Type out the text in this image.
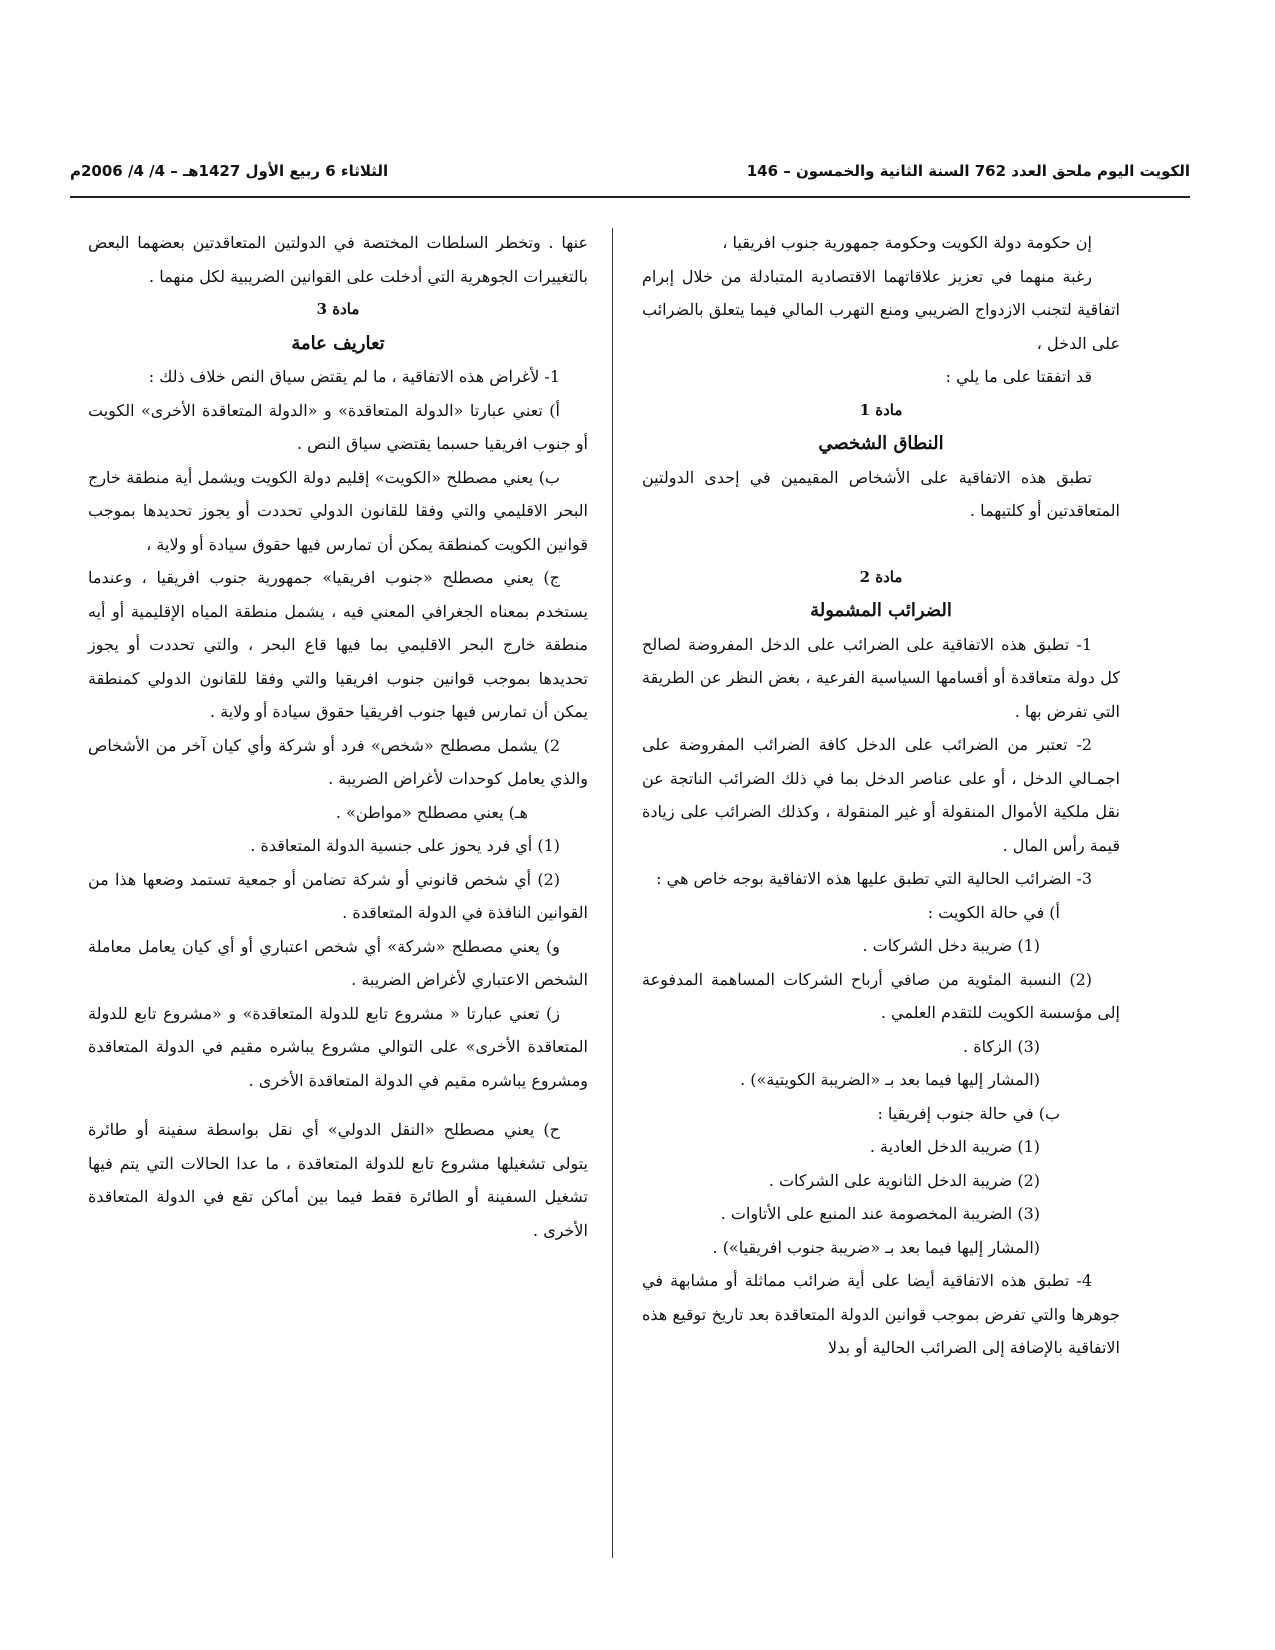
الكويت اليوم ملحق العدد 762 السنة الثانية والخمسون – 146
الثلاثاء 6 ربيع الأول 1427هـ – 4/ 4/ 2006م

إن حكومة دولة الكويت وحكومة جمهورية جنوب افريقيا ،

رغبة منهما في تعزيز علاقاتهما الاقتصادية المتبادلة من خلال إبرام اتفاقية لتجنب الازدواج الضريبي ومنع التهرب المالي فيما يتعلق بالضرائب على الدخل ،

قد اتفقتا على ما يلي :

مادة 1

النطاق الشخصي

تطبق هذه الاتفاقية على الأشخاص المقيمين في إحدى الدولتين المتعاقدتين أو كلتيهما .

مادة 2

الضرائب المشمولة

1- تطبق هذه الاتفاقية على الضرائب على الدخل المفروضة لصالح كل دولة متعاقدة أو أقسامها السياسية الفرعية ، بغض النظر عن الطريقة التي تفرض بها .

2- تعتبر من الضرائب على الدخل كافة الضرائب المفروضة على اجمـالي الدخل ، أو على عناصر الدخل بما في ذلك الضرائب الناتجة عن نقل ملكية الأموال المنقولة أو غير المنقولة ، وكذلك الضرائب على زيادة قيمة رأس المال .

3- الضرائب الحالية التي تطبق عليها هذه الاتفاقية بوجه خاص هي :

أ) في حالة الكويت :

(1) ضريبة دخل الشركات .

(2) النسبة المئوية من صافي أرباح الشركات المساهمة المدفوعة إلى مؤسسة الكويت للتقدم العلمي .

(3) الزكاة .

(المشار إليها فيما بعد بـ «الضريبة الكويتية») .

ب) في حالة جنوب إفريقيا :

(1) ضريبة الدخل العادية .

(2) ضريبة الدخل الثانوية على الشركات .

(3) الضريبة المخصومة عند المنبع على الأتاوات .

(المشار إليها فيما بعد بـ «ضريبة جنوب افريقيا») .

4- تطبق هذه الاتفاقية أيضا على أية ضرائب مماثلة أو مشابهة في جوهرها والتي تفرض بموجب قوانين الدولة المتعاقدة بعد تاريخ توقيع هذه الاتفاقية بالإضافة إلى الضرائب الحالية أو بدلا

عنها . وتخطر السلطات المختصة في الدولتين المتعاقدتين بعضهما البعض بالتغييرات الجوهرية التي أدخلت على القوانين الضريبية لكل منهما .

مادة 3

تعاريف عامة

1- لأغراض هذه الاتفاقية ، ما لم يقتض سياق النص خلاف ذلك :

أ) تعني عبارتا «الدولة المتعاقدة» و «الدولة المتعاقدة الأخرى» الكويت أو جنوب افريقيا حسبما يقتضي سياق النص .

ب) يعني مصطلح «الكويت» إقليم دولة الكويت ويشمل أية منطقة خارج البحر الاقليمي والتي وفقا للقانون الدولي تحددت أو يجوز تحديدها بموجب قوانين الكويت كمنطقة يمكن أن تمارس فيها حقوق سيادة أو ولاية ،

ج) يعني مصطلح «جنوب افريقيا» جمهورية جنوب افريقيا ، وعندما يستخدم بمعناه الجغرافي المعني فيه ، يشمل منطقة المياه الإقليمية أو أيه منطقة خارج البحر الاقليمي بما فيها قاع البحر ، والتي تحددت أو يجوز تحديدها بموجب قوانين جنوب افريقيا والتي وفقا للقانون الدولي كمنطقة يمكن أن تمارس فيها جنوب افريقيا حقوق سيادة أو ولاية .

2) يشمل مصطلح «شخص» فرد أو شركة وأي كيان آخر من الأشخاص والذي يعامل كوحدات لأغراض الضريبة .

هـ) يعني مصطلح «مواطن» .

(1) أي فرد يحوز على جنسية الدولة المتعاقدة .

(2) أي شخص قانوني أو شركة تضامن أو جمعية تستمد وضعها هذا من القوانين النافذة في الدولة المتعاقدة .

و) يعني مصطلح «شركة» أي شخص اعتباري أو أي كيان يعامل معاملة الشخص الاعتباري لأغراض الضريبة .

ز) تعني عبارتا « مشروع تابع للدولة المتعاقدة» و «مشروع تابع للدولة المتعاقدة الأخرى» على التوالي مشروع يباشره مقيم في الدولة المتعاقدة ومشروع يباشره مقيم في الدولة المتعاقدة الأخرى .

ح) يعني مصطلح «النقل الدولي» أي نقل بواسطة سفينة أو طائرة يتولى تشغيلها مشروع تابع للدولة المتعاقدة ، ما عدا الحالات التي يتم فيها تشغيل السفينة أو الطائرة فقط فيما بين أماكن تقع في الدولة المتعاقدة الأخرى .
